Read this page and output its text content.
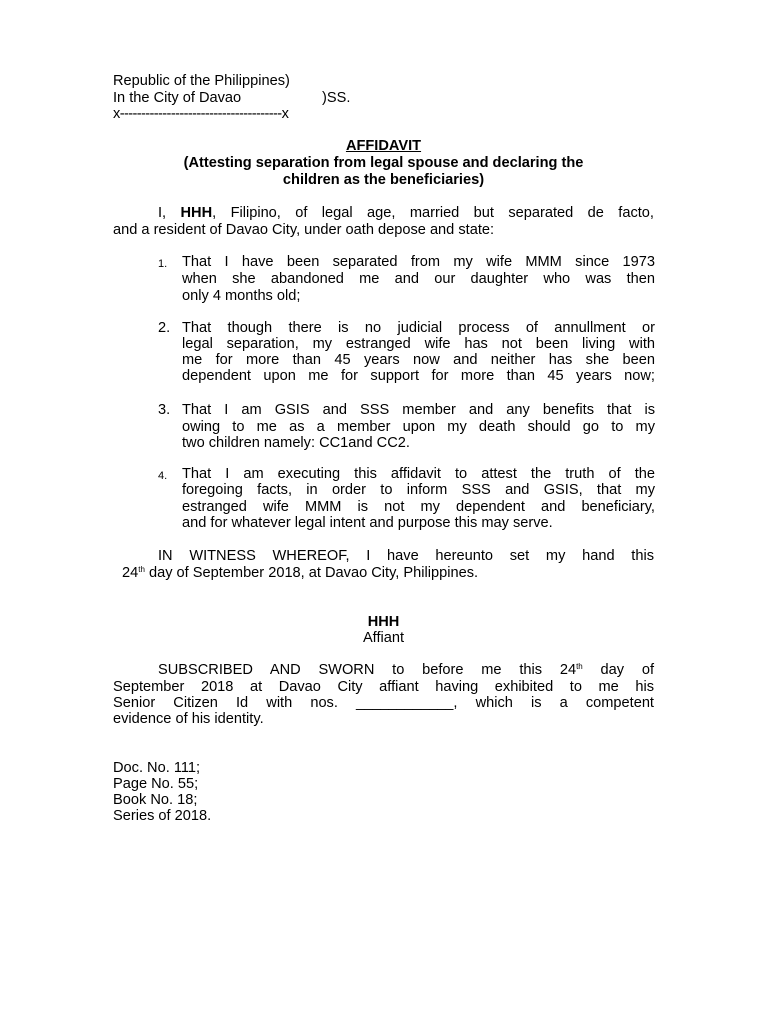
Republic of the Philippines)
In the City of Davao	)SS.
x--------------------------------------x
AFFIDAVIT
(Attesting separation from legal spouse and declaring the
children as the beneficiaries)
I, HHH, Filipino, of legal age, married but separated de facto,
and a resident of Davao City, under oath depose and state:
1. That I have been separated from my wife MMM since 1973
when she abandoned me and our daughter who was then
only 4 months old;
2. That though there is no judicial process of annullment or
legal separation, my estranged wife has not been living with
me for more than 45 years now and neither has she been
dependent upon me for support for more than 45 years now;
3. That I am GSIS and SSS member and any benefits that is
owing to me as a member upon my death should go to my
two children namely: CC1and CC2.
4. That I am executing this affidavit to attest the truth of the
foregoing facts, in order to inform SSS and GSIS, that my
estranged wife MMM is not my dependent and beneficiary,
and for whatever legal intent and purpose this may serve.
IN WITNESS WHEREOF, I have hereunto set my hand this
24th day of September 2018, at Davao City, Philippines.
HHH
Affiant
SUBSCRIBED AND SWORN to before me this 24th day of
September 2018 at Davao City affiant having exhibited to me his
Senior Citizen Id with nos. ____________, which is a competent
evidence of his identity.
Doc. No. 111;
Page No. 55;
Book No. 18;
Series of 2018.
